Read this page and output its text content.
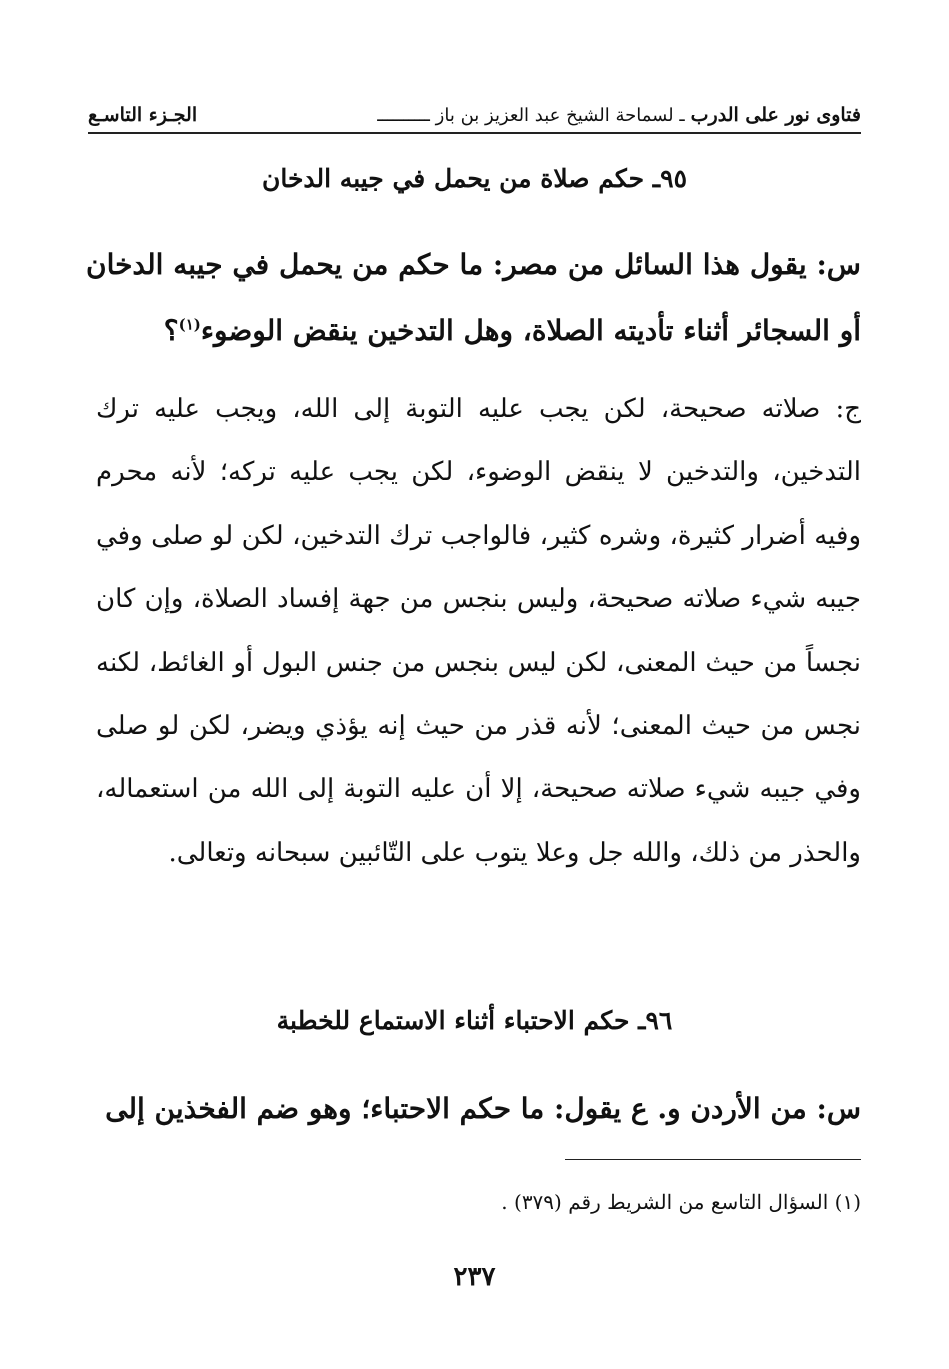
فتاوى نور على الدرب
ـ لسماحة الشيخ عبد العزيز بن باز ــــــــــ
الجـزء التاسـع
٩٥ـ حكم صلاة من يحمل في جيبه الدخان
س: يقول هذا السائل من مصر: ما حكم من يحمل في جيبه الدخان أو السجائر أثناء تأديته الصلاة، وهل التدخين ينقض الوضوء$^{(١)}$؟
ج: صلاته صحيحة، لكن يجب عليه التوبة إلى الله، ويجب عليه ترك التدخين، والتدخين لا ينقض الوضوء، لكن يجب عليه تركه؛ لأنه محرم وفيه أضرار كثيرة، وشره كثير، فالواجب ترك التدخين، لكن لو صلى وفي جيبه شيء صلاته صحيحة، وليس بنجس من جهة إفساد الصلاة، وإن كان نجساً من حيث المعنى، لكن ليس بنجس من جنس البول أو الغائط، لكنه نجس من حيث المعنى؛ لأنه قذر من حيث إنه يؤذي ويضر، لكن لو صلى وفي جيبه شيء صلاته صحيحة، إلا أن عليه التوبة إلى الله من استعماله، والحذر من ذلك، والله جل وعلا يتوب على التّائبين سبحانه وتعالى.
٩٦ـ حكم الاحتباء أثناء الاستماع للخطبة
س: من الأردن و. ع يقول: ما حكم الاحتباء؛ وهو ضم الفخذين إلى
(١) السؤال التاسع من الشريط رقم (٣٧٩) .
٢٣٧
